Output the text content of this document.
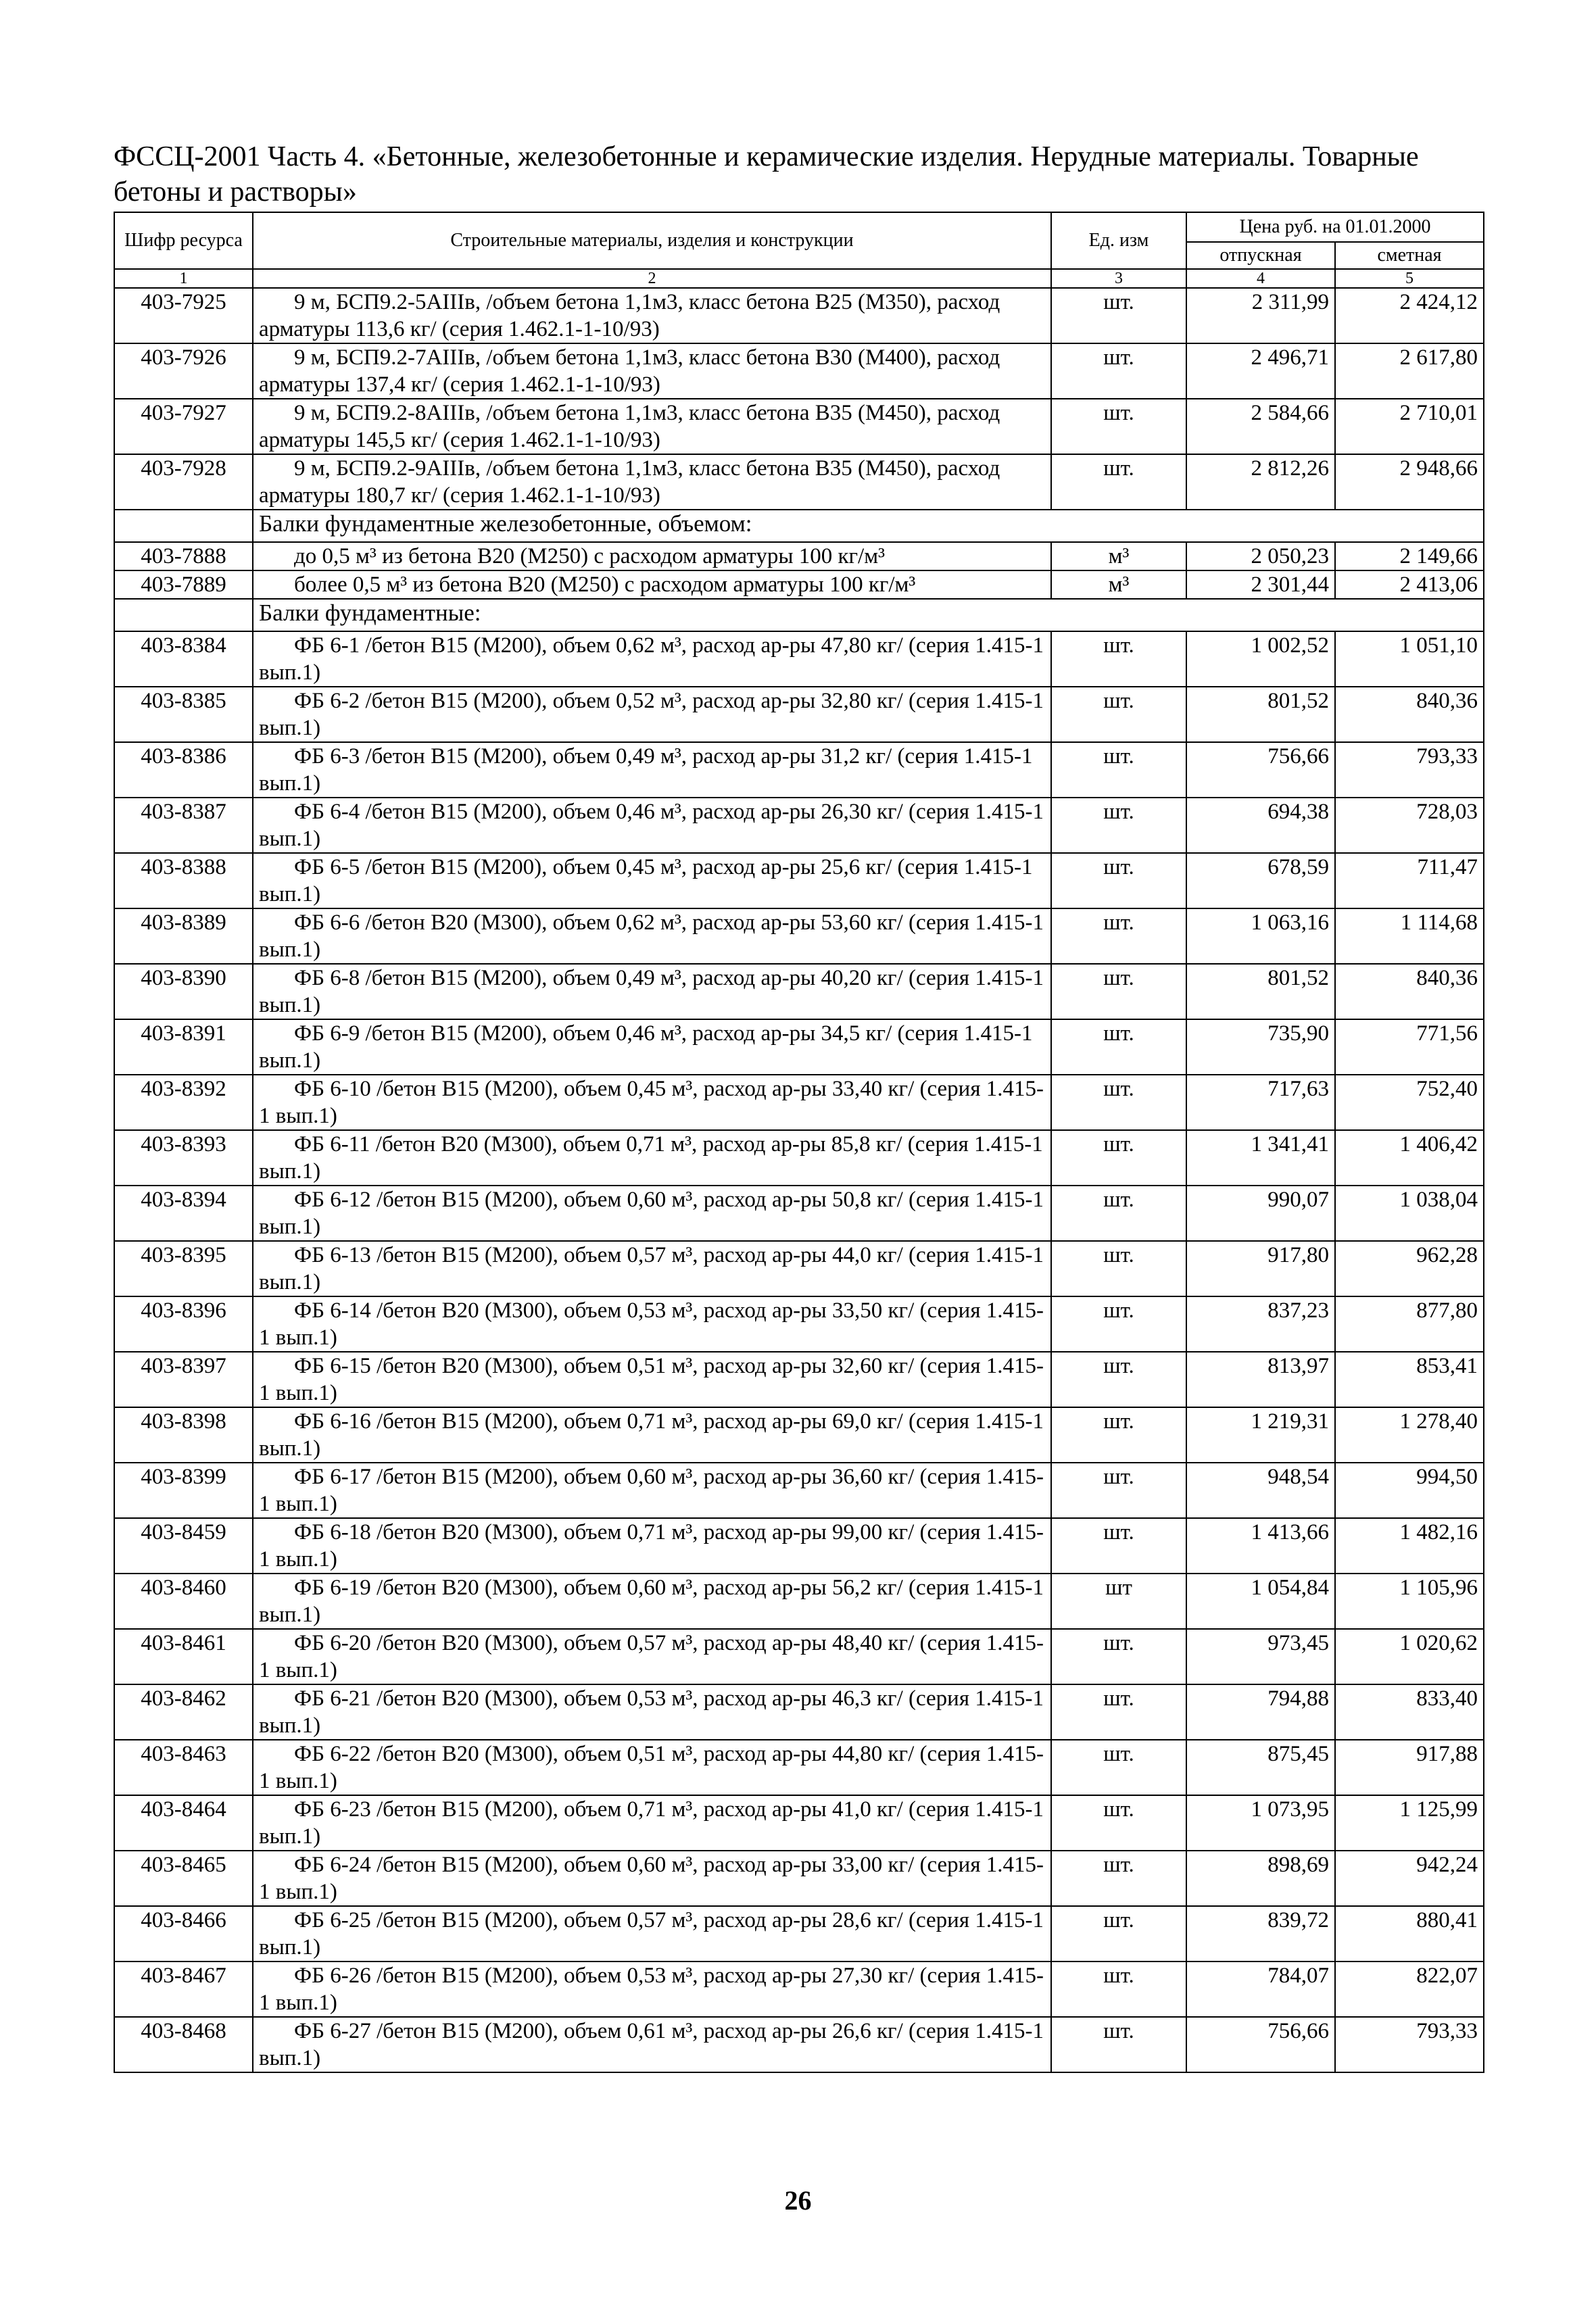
ФССЦ-2001 Часть 4. «Бетонные, железобетонные и керамические изделия. Нерудные материалы. Товарные бетоны и растворы»
Шифр ресурса	Строительные материалы, изделия и конструкции	Ед. изм	Цена руб. на 01.01.2000	
			отпускная	сметная
1	2	3	4	5
403-7925	9 м, БСП9.2-5АIIIв, /объем бетона 1,1м3, класс бетона В25 (М350), расход арматуры 113,6 кг/ (серия 1.462.1-1-10/93)	шт.	2 311,99	2 424,12
403-7926	9 м, БСП9.2-7АIIIв, /объем бетона 1,1м3, класс бетона В30 (М400), расход арматуры 137,4 кг/ (серия 1.462.1-1-10/93)	шт.	2 496,71	2 617,80
403-7927	9 м, БСП9.2-8АIIIв, /объем бетона 1,1м3, класс бетона В35 (М450), расход арматуры 145,5 кг/ (серия 1.462.1-1-10/93)	шт.	2 584,66	2 710,01
403-7928	9 м, БСП9.2-9АIIIв, /объем бетона 1,1м3, класс бетона В35 (М450), расход арматуры 180,7 кг/ (серия 1.462.1-1-10/93)	шт.	2 812,26	2 948,66
	Балки фундаментные железобетонные, объемом:			
403-7888	до 0,5 м³ из бетона В20 (М250) с расходом арматуры 100 кг/м³	м³	2 050,23	2 149,66
403-7889	более 0,5 м³ из бетона В20 (М250) с расходом арматуры 100 кг/м³	м³	2 301,44	2 413,06
	Балки фундаментные:			
403-8384	ФБ 6-1 /бетон В15 (М200), объем 0,62 м³, расход ар-ры 47,80 кг/ (серия 1.415-1 вып.1)	шт.	1 002,52	1 051,10
403-8385	ФБ 6-2 /бетон В15 (М200), объем 0,52 м³, расход ар-ры 32,80 кг/ (серия 1.415-1 вып.1)	шт.	801,52	840,36
403-8386	ФБ 6-3 /бетон В15 (М200), объем 0,49 м³, расход ар-ры 31,2 кг/ (серия 1.415-1 вып.1)	шт.	756,66	793,33
403-8387	ФБ 6-4 /бетон В15 (М200), объем 0,46 м³, расход ар-ры 26,30 кг/ (серия 1.415-1 вып.1)	шт.	694,38	728,03
403-8388	ФБ 6-5 /бетон В15 (М200), объем 0,45 м³, расход ар-ры 25,6 кг/ (серия 1.415-1 вып.1)	шт.	678,59	711,47
403-8389	ФБ 6-6 /бетон В20 (М300), объем 0,62 м³, расход ар-ры 53,60 кг/ (серия 1.415-1 вып.1)	шт.	1 063,16	1 114,68
403-8390	ФБ 6-8 /бетон В15 (М200), объем 0,49 м³, расход ар-ры 40,20 кг/ (серия 1.415-1 вып.1)	шт.	801,52	840,36
403-8391	ФБ 6-9 /бетон В15 (М200), объем 0,46 м³, расход ар-ры 34,5 кг/ (серия 1.415-1 вып.1)	шт.	735,90	771,56
403-8392	ФБ 6-10 /бетон В15 (М200), объем 0,45 м³, расход ар-ры 33,40 кг/ (серия 1.415-1 вып.1)	шт.	717,63	752,40
403-8393	ФБ 6-11 /бетон В20 (М300), объем 0,71 м³, расход ар-ры 85,8 кг/ (серия 1.415-1 вып.1)	шт.	1 341,41	1 406,42
403-8394	ФБ 6-12 /бетон В15 (М200), объем 0,60 м³, расход ар-ры 50,8 кг/ (серия 1.415-1 вып.1)	шт.	990,07	1 038,04
403-8395	ФБ 6-13 /бетон В15 (М200), объем 0,57 м³, расход ар-ры 44,0 кг/ (серия 1.415-1 вып.1)	шт.	917,80	962,28
403-8396	ФБ 6-14 /бетон В20 (М300), объем 0,53 м³, расход ар-ры 33,50 кг/ (серия 1.415-1 вып.1)	шт.	837,23	877,80
403-8397	ФБ 6-15 /бетон В20 (М300), объем 0,51 м³, расход ар-ры 32,60 кг/ (серия 1.415-1 вып.1)	шт.	813,97	853,41
403-8398	ФБ 6-16 /бетон В15 (М200), объем 0,71 м³, расход ар-ры 69,0 кг/ (серия 1.415-1 вып.1)	шт.	1 219,31	1 278,40
403-8399	ФБ 6-17 /бетон В15 (М200), объем 0,60 м³, расход ар-ры 36,60 кг/ (серия 1.415-1 вып.1)	шт.	948,54	994,50
403-8459	ФБ 6-18 /бетон В20 (М300), объем 0,71 м³, расход ар-ры 99,00 кг/ (серия 1.415-1 вып.1)	шт.	1 413,66	1 482,16
403-8460	ФБ 6-19 /бетон В20 (М300), объем 0,60 м³, расход ар-ры 56,2 кг/ (серия 1.415-1 вып.1)	шт	1 054,84	1 105,96
403-8461	ФБ 6-20 /бетон В20 (М300), объем 0,57 м³, расход ар-ры 48,40 кг/ (серия 1.415-1 вып.1)	шт.	973,45	1 020,62
403-8462	ФБ 6-21 /бетон В20 (М300), объем 0,53 м³, расход ар-ры 46,3 кг/ (серия 1.415-1 вып.1)	шт.	794,88	833,40
403-8463	ФБ 6-22 /бетон В20 (М300), объем 0,51 м³, расход ар-ры 44,80 кг/ (серия 1.415-1 вып.1)	шт.	875,45	917,88
403-8464	ФБ 6-23 /бетон В15 (М200), объем 0,71 м³, расход ар-ры 41,0 кг/ (серия 1.415-1 вып.1)	шт.	1 073,95	1 125,99
403-8465	ФБ 6-24 /бетон В15 (М200), объем 0,60 м³, расход ар-ры 33,00 кг/ (серия 1.415-1 вып.1)	шт.	898,69	942,24
403-8466	ФБ 6-25 /бетон В15 (М200), объем 0,57 м³, расход ар-ры 28,6 кг/ (серия 1.415-1 вып.1)	шт.	839,72	880,41
403-8467	ФБ 6-26 /бетон В15 (М200), объем 0,53 м³, расход ар-ры 27,30 кг/ (серия 1.415-1 вып.1)	шт.	784,07	822,07
403-8468	ФБ 6-27 /бетон В15 (М200), объем 0,61 м³, расход ар-ры 26,6 кг/ (серия 1.415-1 вып.1)	шт.	756,66	793,33
26
